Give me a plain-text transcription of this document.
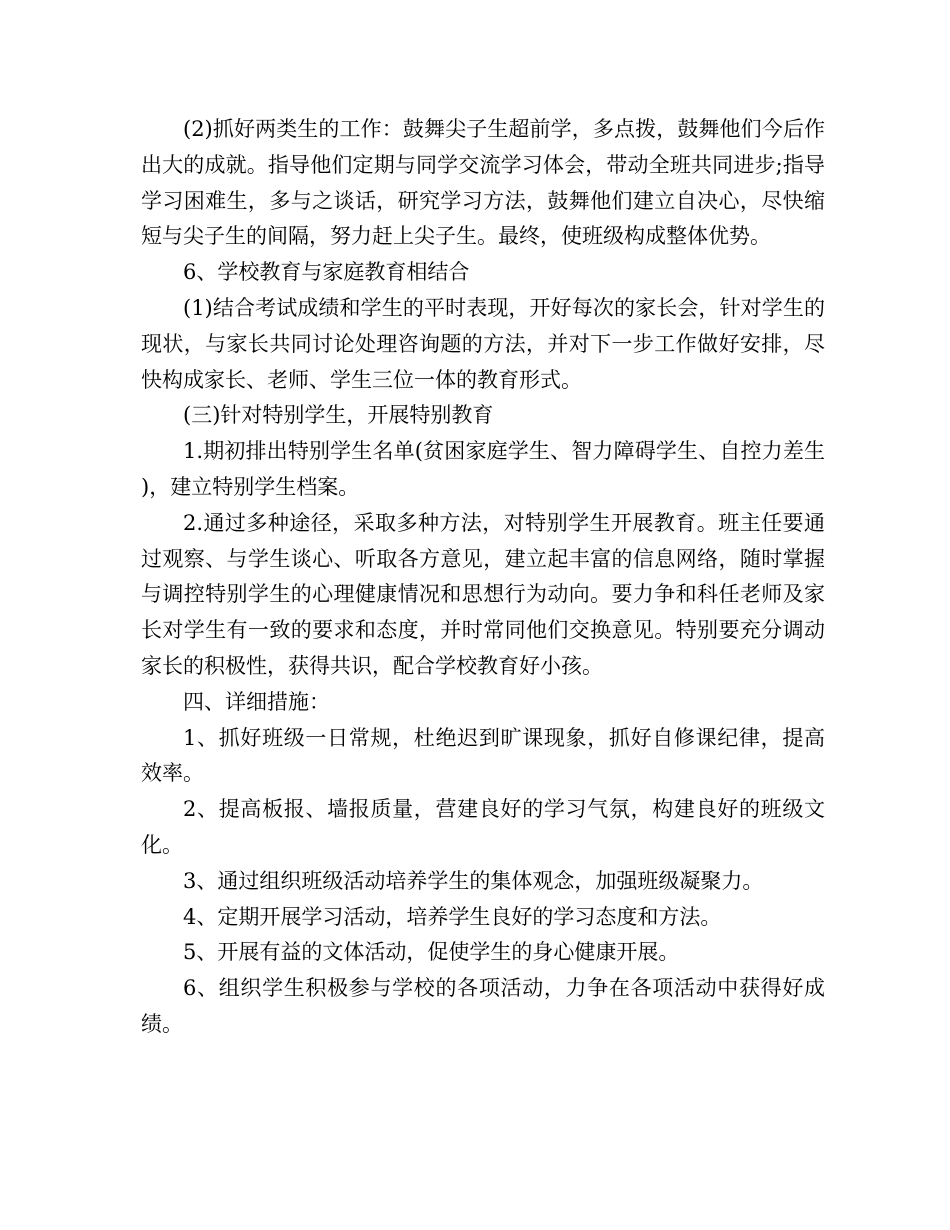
(2)抓好两类生的工作：鼓舞尖子生超前学，多点拨，鼓舞他们今后作出大的成就。指导他们定期与同学交流学习体会，带动全班共同进步;指导学习困难生，多与之谈话，研究学习方法，鼓舞他们建立自决心，尽快缩短与尖子生的间隔，努力赶上尖子生。最终，使班级构成整体优势。

6、学校教育与家庭教育相结合

(1)结合考试成绩和学生的平时表现，开好每次的家长会，针对学生的现状，与家长共同讨论处理咨询题的方法，并对下一步工作做好安排，尽快构成家长、老师、学生三位一体的教育形式。

(三)针对特别学生，开展特别教育

1.期初排出特别学生名单(贫困家庭学生、智力障碍学生、自控力差生)，建立特别学生档案。

2.通过多种途径，采取多种方法，对特别学生开展教育。班主任要通过观察、与学生谈心、听取各方意见，建立起丰富的信息网络，随时掌握与调控特别学生的心理健康情况和思想行为动向。要力争和科任老师及家长对学生有一致的要求和态度，并时常同他们交换意见。特别要充分调动家长的积极性，获得共识，配合学校教育好小孩。

四、详细措施：

1、抓好班级一日常规，杜绝迟到旷课现象，抓好自修课纪律，提高效率。

2、提高板报、墙报质量，营建良好的学习气氛，构建良好的班级文化。

3、通过组织班级活动培养学生的集体观念，加强班级凝聚力。

4、定期开展学习活动，培养学生良好的学习态度和方法。

5、开展有益的文体活动，促使学生的身心健康开展。

6、组织学生积极参与学校的各项活动，力争在各项活动中获得好成绩。
